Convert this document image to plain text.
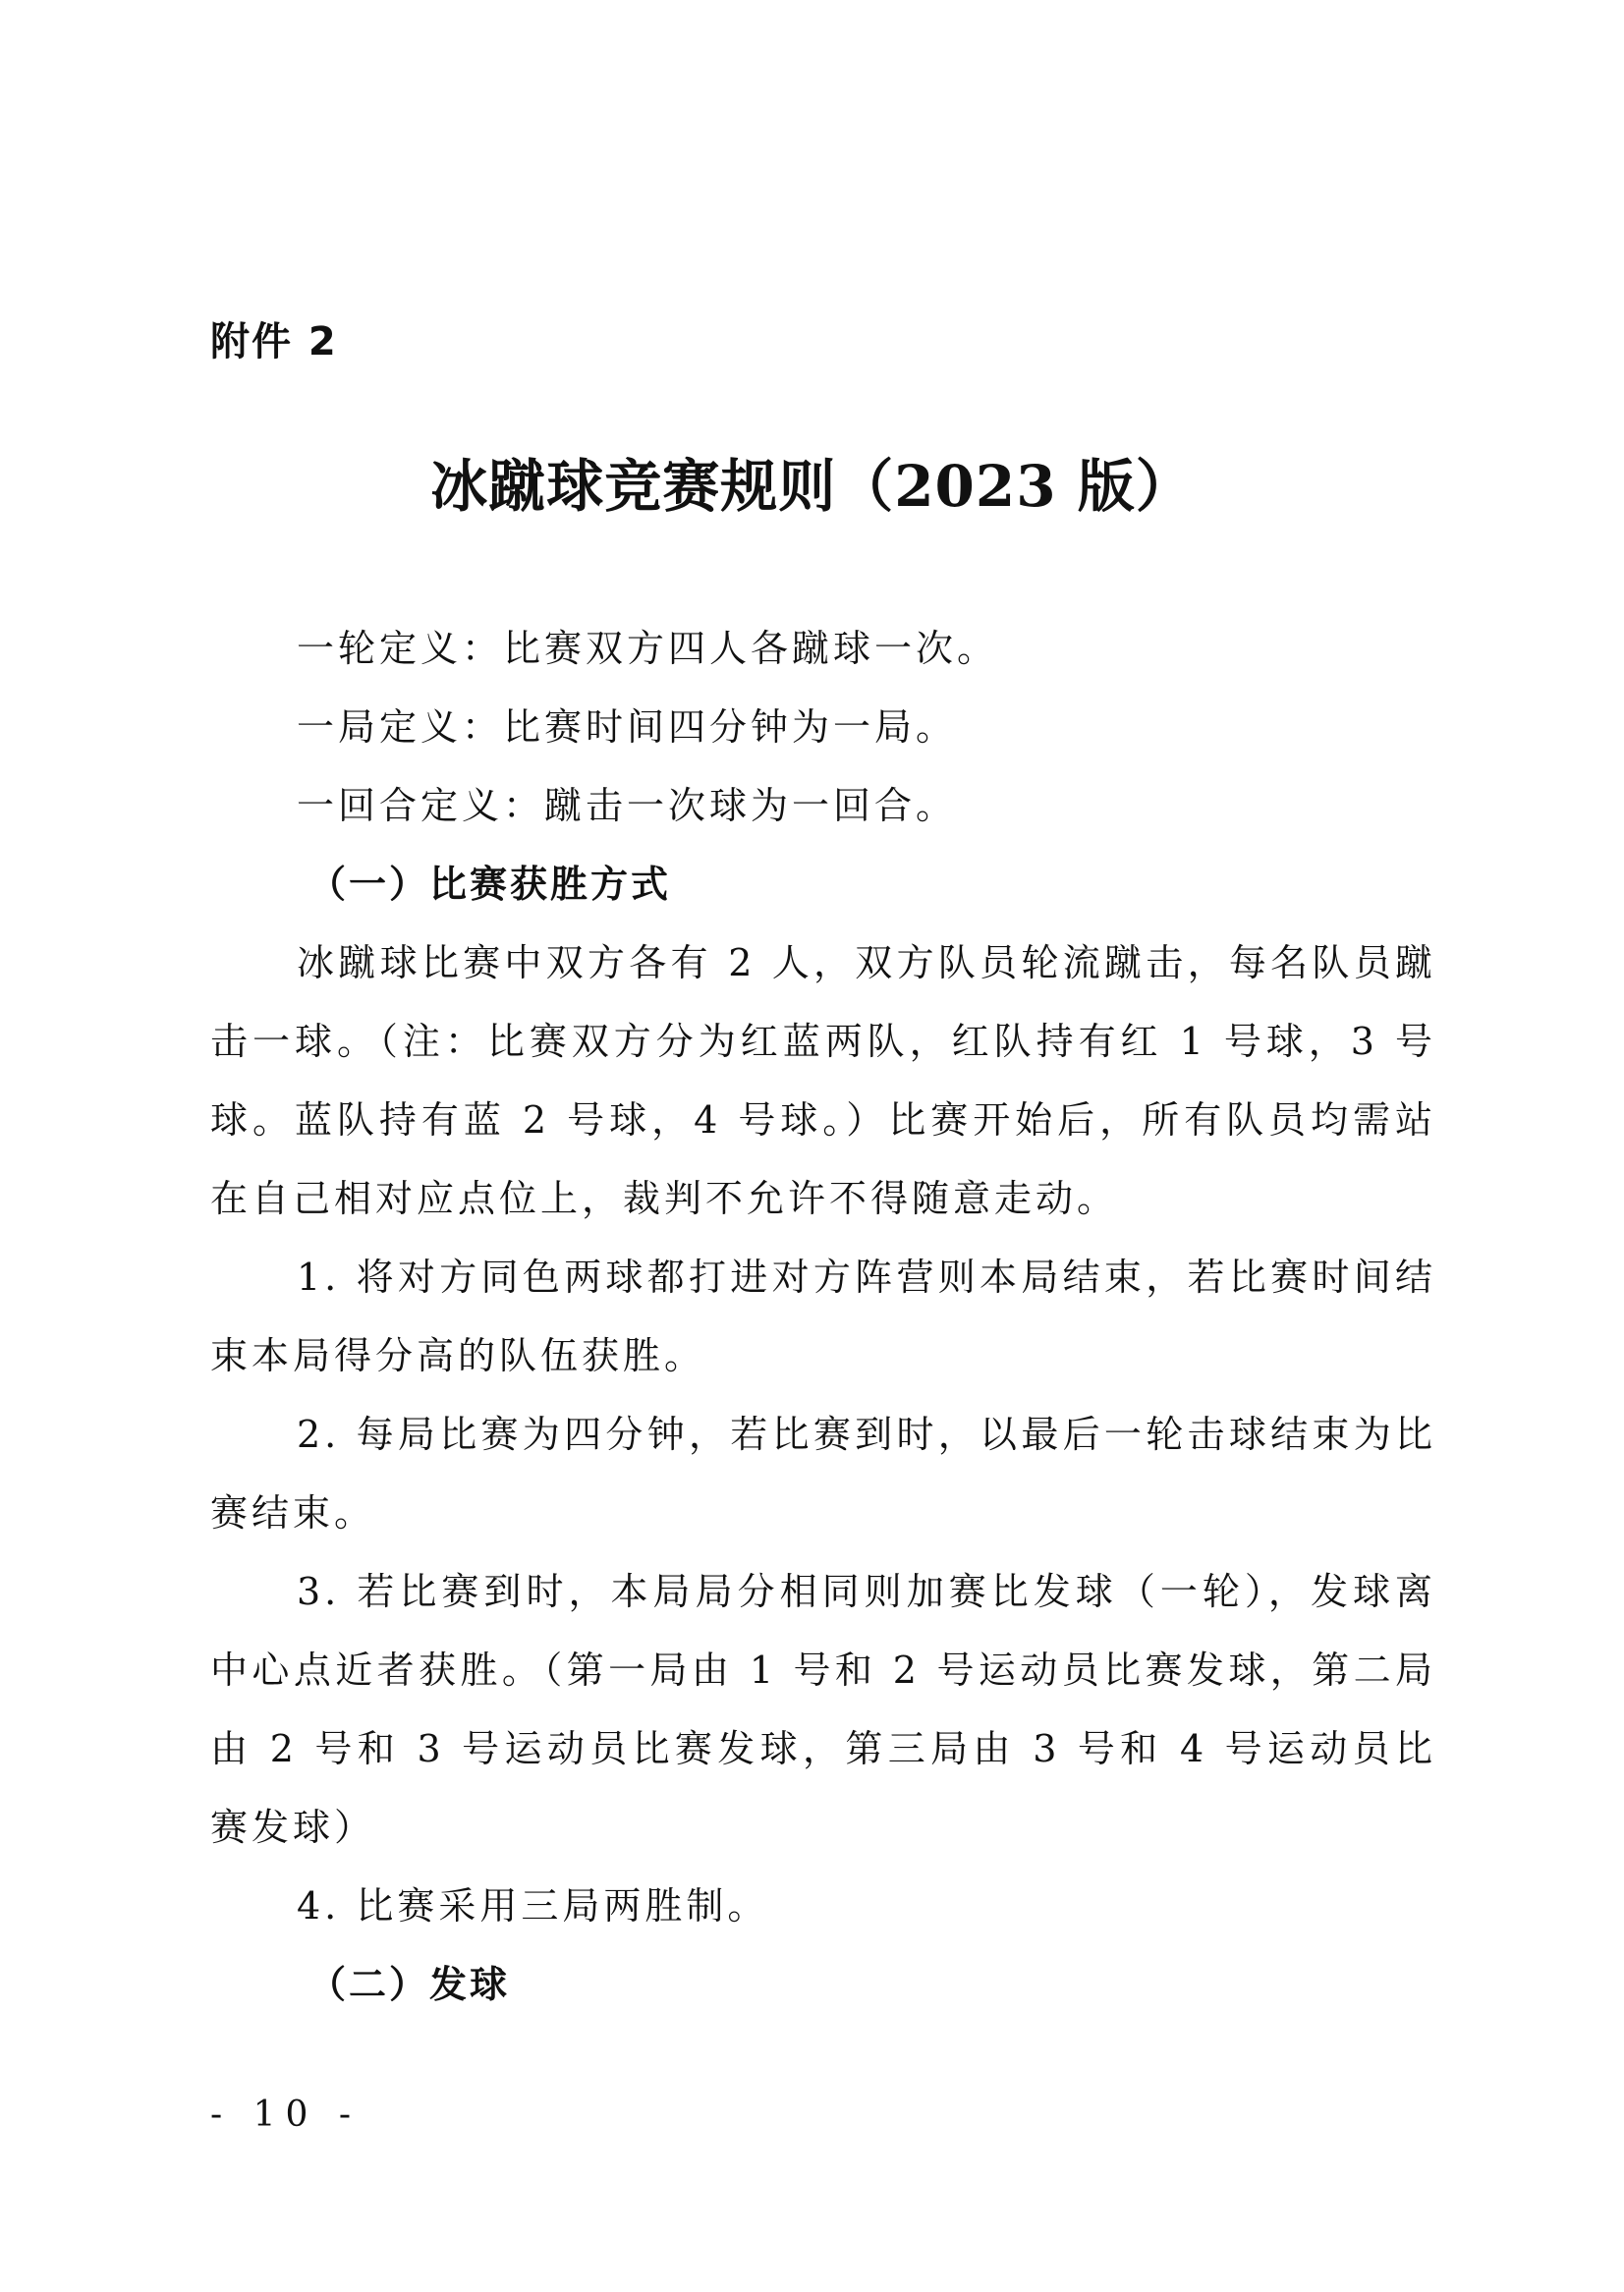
附件 2
冰蹴球竞赛规则（2023 版）

一轮定义：比赛双方四人各蹴球一次。

一局定义：比赛时间四分钟为一局。

一回合定义：蹴击一次球为一回合。

（一）比赛获胜方式

冰蹴球比赛中双方各有 2 人，双方队员轮流蹴击，每名队员蹴击一球。（注：比赛双方分为红蓝两队，红队持有红 1 号球，3 号球。蓝队持有蓝 2 号球，4 号球。）比赛开始后，所有队员均需站在自己相对应点位上，裁判不允许不得随意走动。

1. 将对方同色两球都打进对方阵营则本局结束，若比赛时间结束本局得分高的队伍获胜。

2. 每局比赛为四分钟，若比赛到时，以最后一轮击球结束为比赛结束。

3. 若比赛到时，本局局分相同则加赛比发球（一轮），发球离中心点近者获胜。（第一局由 1 号和 2 号运动员比赛发球，第二局由 2 号和 3 号运动员比赛发球，第三局由 3 号和 4 号运动员比赛发球）

4. 比赛采用三局两胜制。

（二）发球

- 10 -
